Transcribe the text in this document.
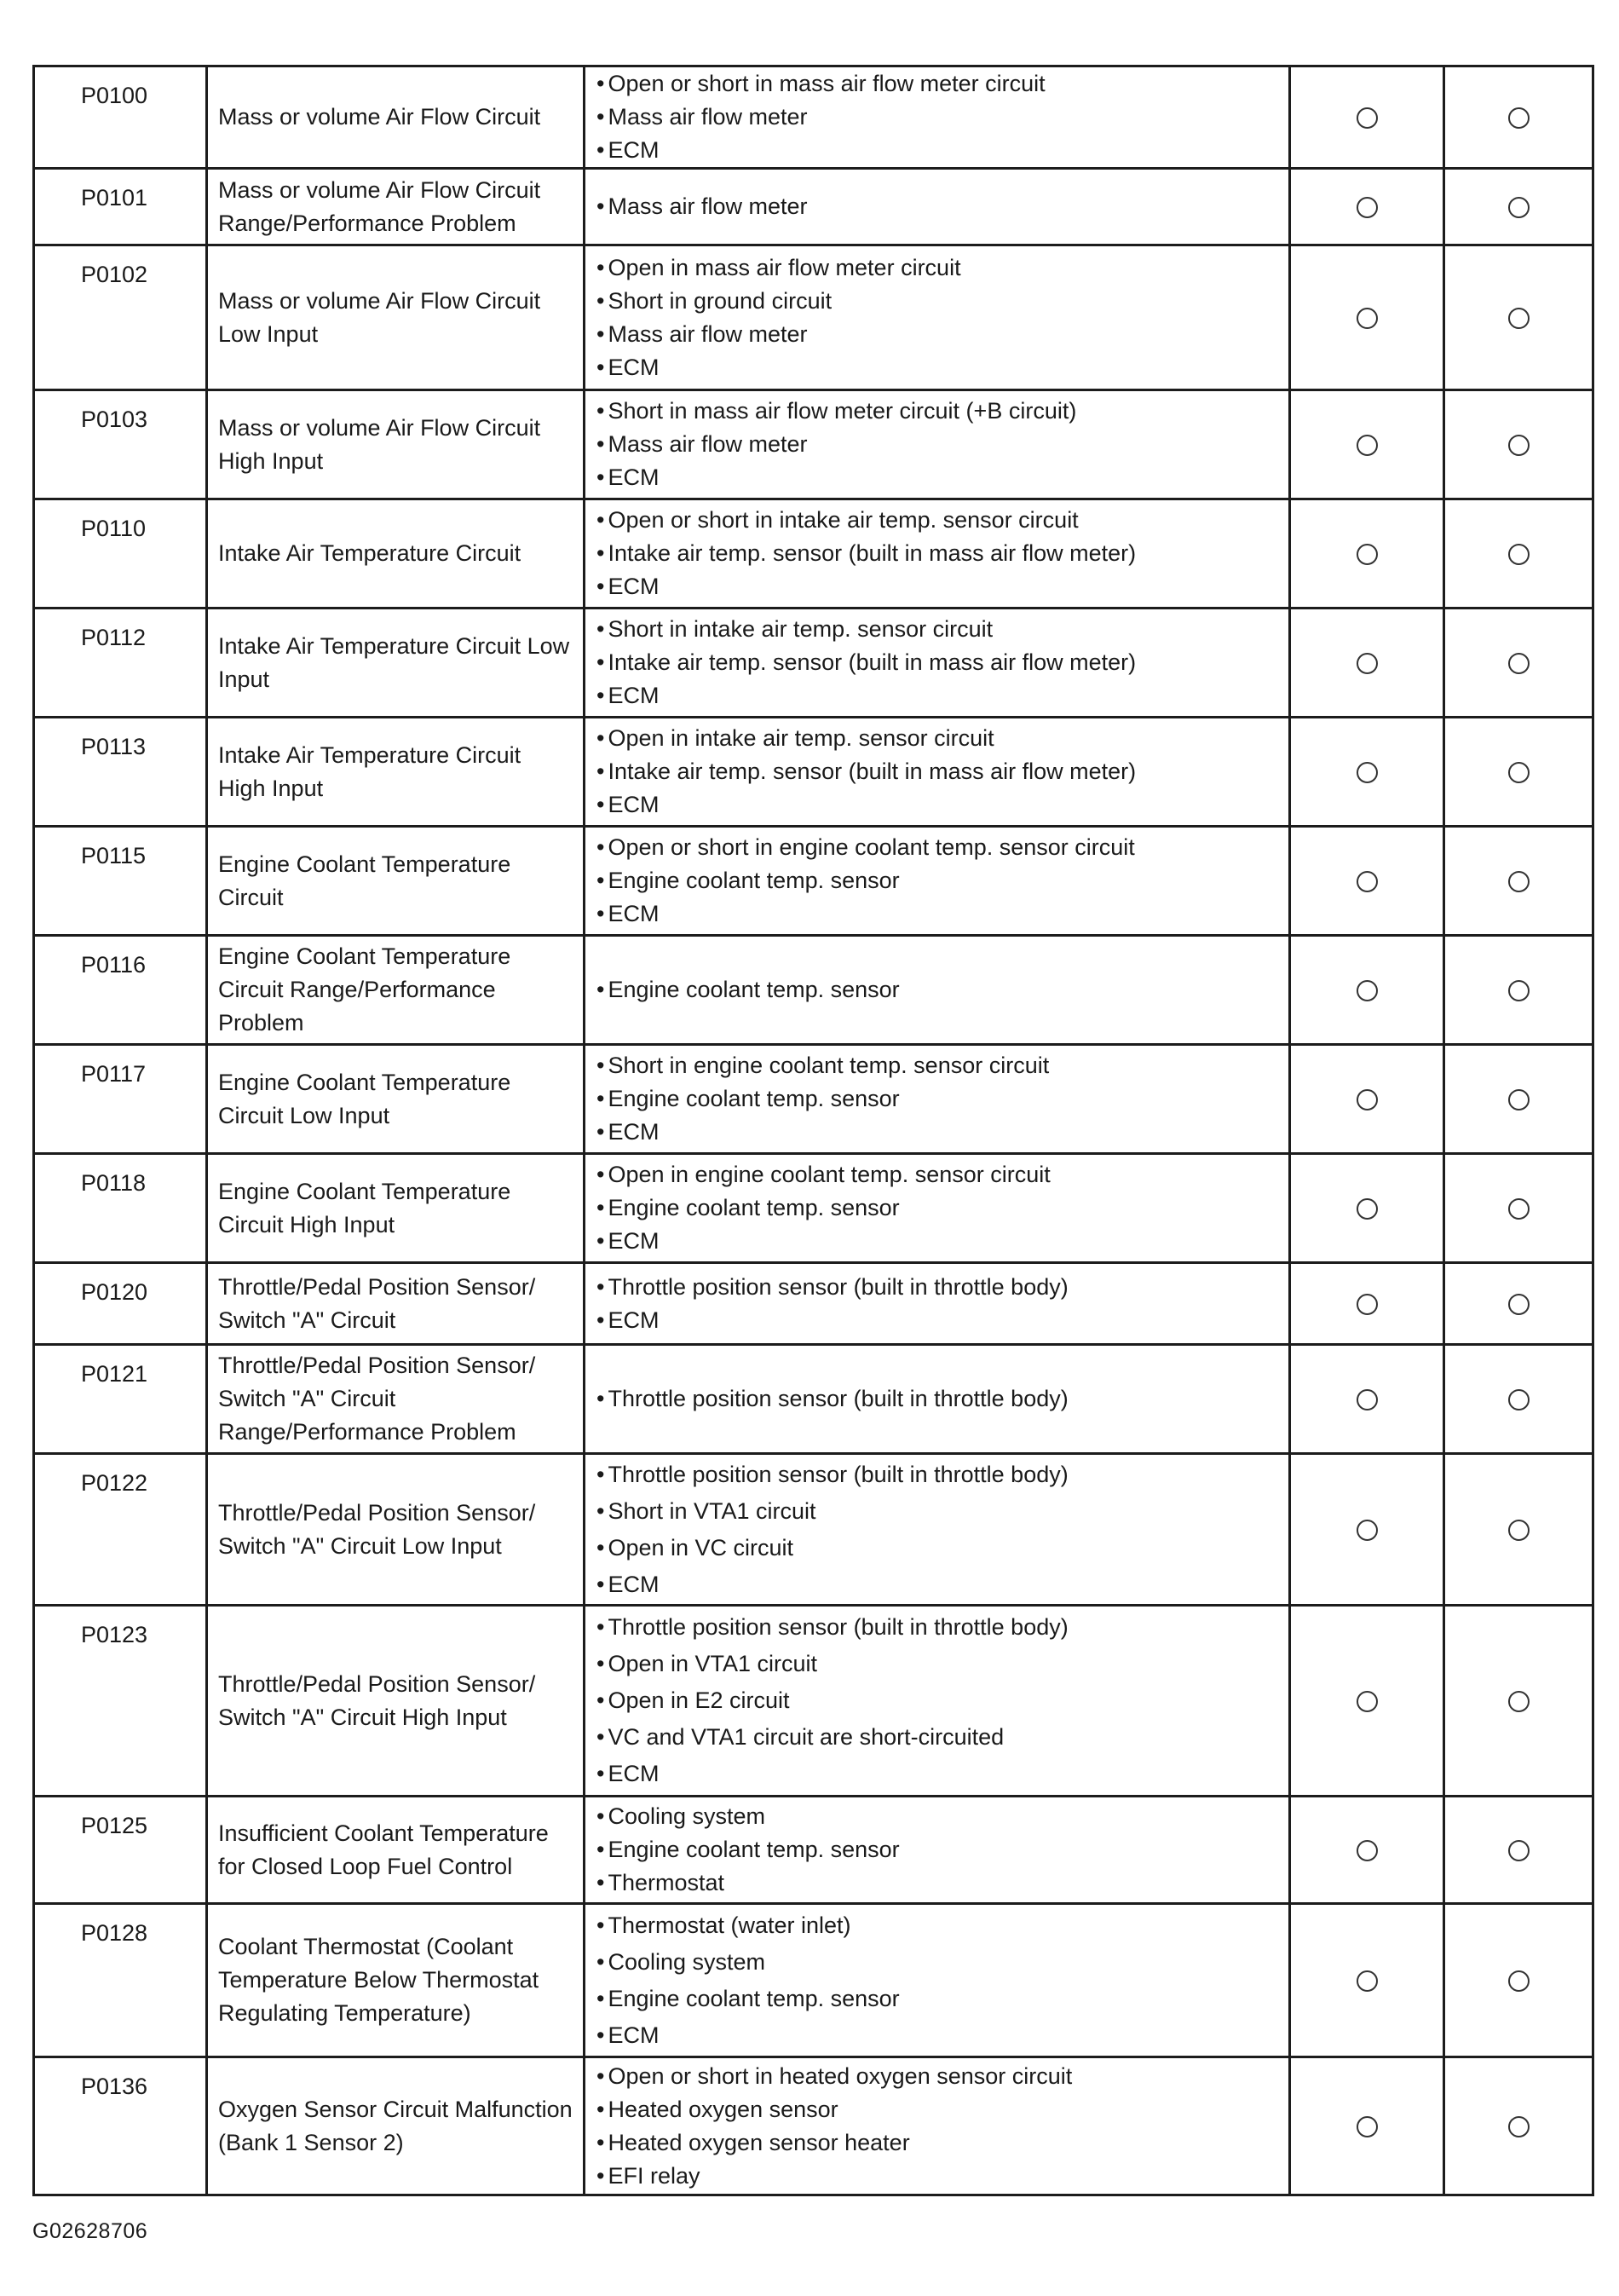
P0100	Mass or volume Air Flow Circuit	• Open or short in mass air flow meter circuit
• Mass air flow meter
• ECM

P0101	Mass or volume Air Flow Circuit Range/Performance Problem	• Mass air flow meter

P0102	Mass or volume Air Flow Circuit Low Input	• Open in mass air flow meter circuit
• Short in ground circuit
• Mass air flow meter
• ECM

P0103	Mass or volume Air Flow Circuit High Input	• Short in mass air flow meter circuit (+B circuit)
• Mass air flow meter
• ECM

P0110	Intake Air Temperature Circuit	• Open or short in intake air temp. sensor circuit
• Intake air temp. sensor (built in mass air flow meter)
• ECM

P0112	Intake Air Temperature Circuit Low Input	• Short in intake air temp. sensor circuit
• Intake air temp. sensor (built in mass air flow meter)
• ECM

P0113	Intake Air Temperature Circuit High Input	• Open in intake air temp. sensor circuit
• Intake air temp. sensor (built in mass air flow meter)
• ECM

P0115	Engine Coolant Temperature Circuit	• Open or short in engine coolant temp. sensor circuit
• Engine coolant temp. sensor
• ECM

P0116	Engine Coolant Temperature Circuit Range/Performance Problem	• Engine coolant temp. sensor

P0117	Engine Coolant Temperature Circuit Low Input	• Short in engine coolant temp. sensor circuit
• Engine coolant temp. sensor
• ECM

P0118	Engine Coolant Temperature Circuit High Input	• Open in engine coolant temp. sensor circuit
• Engine coolant temp. sensor
• ECM

P0120	Throttle/Pedal Position Sensor/ Switch "A" Circuit	• Throttle position sensor (built in throttle body)
• ECM

P0121	Throttle/Pedal Position Sensor/ Switch "A" Circuit Range/Performance Problem	• Throttle position sensor (built in throttle body)

P0122	Throttle/Pedal Position Sensor/ Switch "A" Circuit Low Input	• Throttle position sensor (built in throttle body)
• Short in VTA1 circuit
• Open in VC circuit
• ECM

P0123	Throttle/Pedal Position Sensor/ Switch "A" Circuit High Input	• Throttle position sensor (built in throttle body)
• Open in VTA1 circuit
• Open in E2 circuit
• VC and VTA1 circuit are short-circuited
• ECM

P0125	Insufficient Coolant Temperature for Closed Loop Fuel Control	• Cooling system
• Engine coolant temp. sensor
• Thermostat

P0128	Coolant Thermostat (Coolant Temperature Below Thermostat Regulating Temperature)	• Thermostat (water inlet)
• Cooling system
• Engine coolant temp. sensor
• ECM

P0136	Oxygen Sensor Circuit Malfunction (Bank 1 Sensor 2)	• Open or short in heated oxygen sensor circuit
• Heated oxygen sensor
• Heated oxygen sensor heater
• EFI relay

G02628706
